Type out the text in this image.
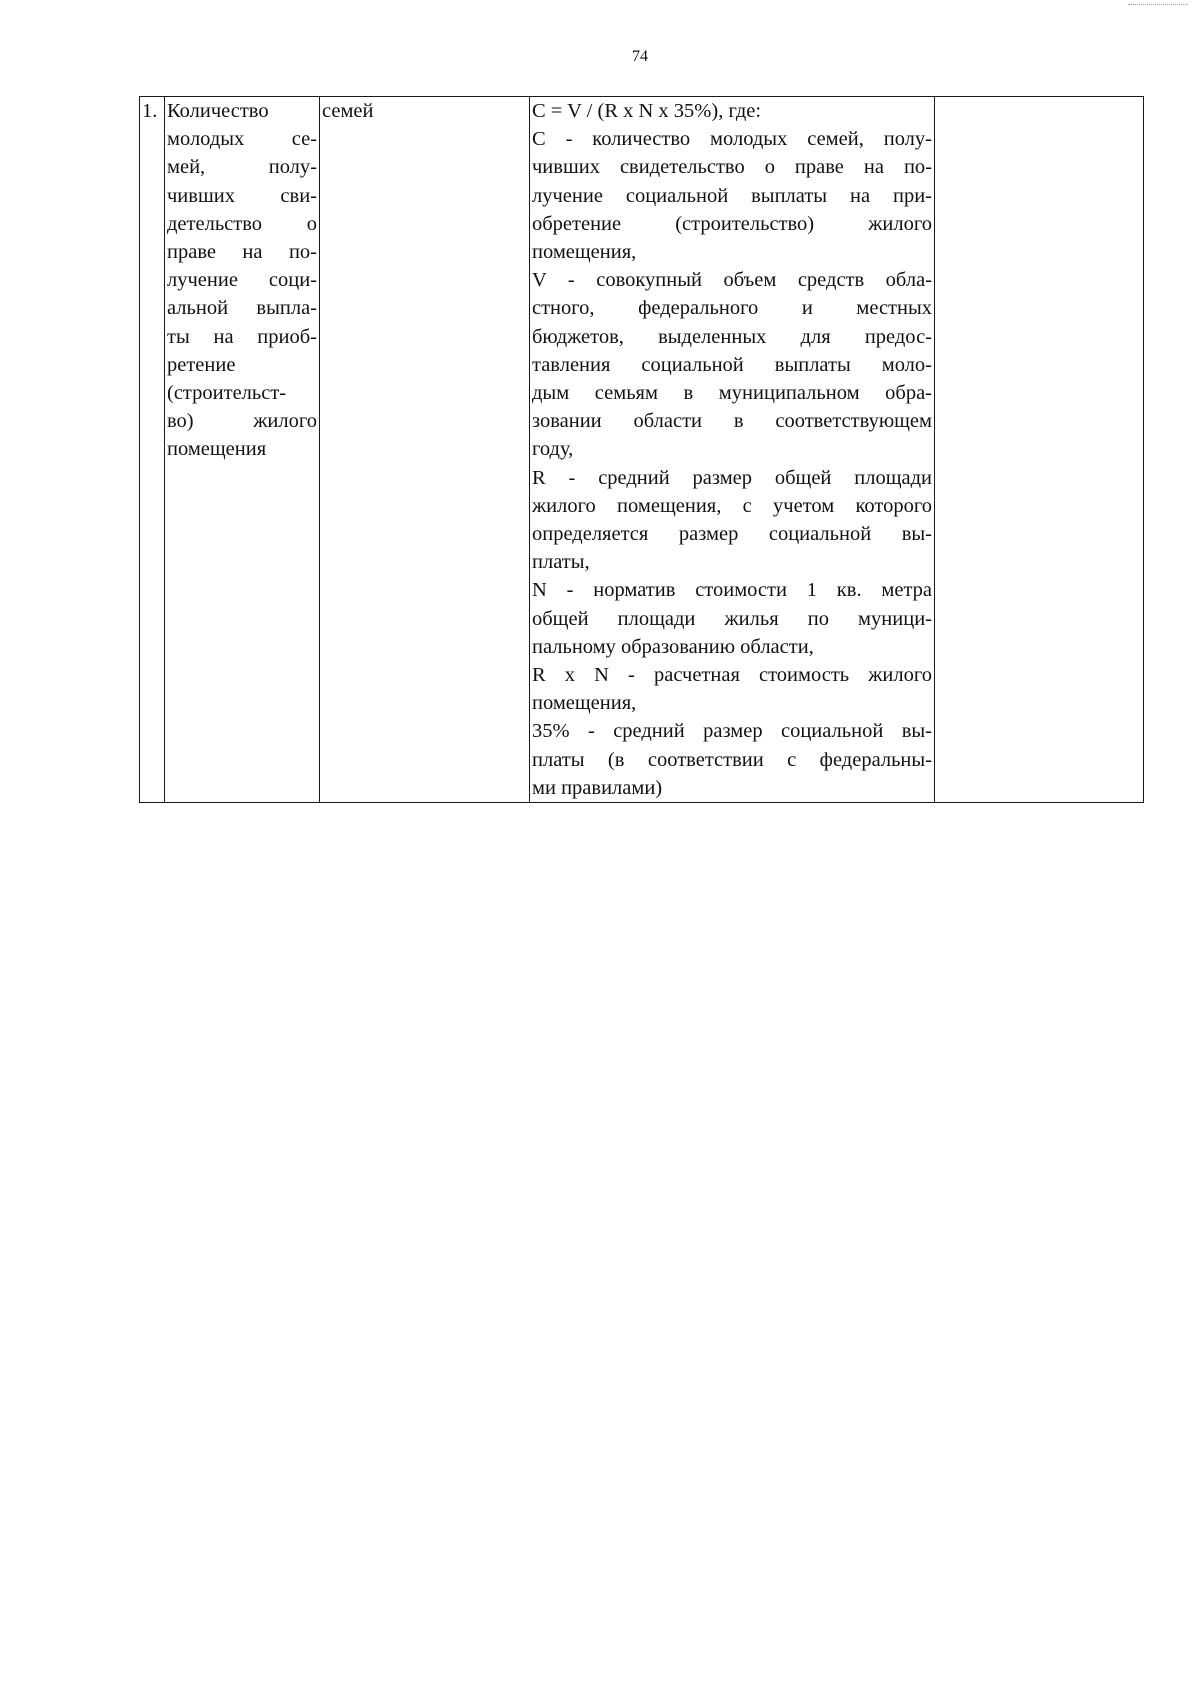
74
1.	Количество
молодых се-
мей, полу-
чивших сви-
детельство о
праве на по-
лучение соци-
альной выпла-
ты на приоб-
ретение
(строительст-
во) жилого
помещения
	семей	C = V / (R x N x 35%), где:
C - количество молодых семей, полу-
чивших свидетельство о праве на по-
лучение социальной выплаты на при-
обретение (строительство) жилого
помещения,
V - совокупный объем средств обла-
стного, федерального и местных
бюджетов, выделенных для предос-
тавления социальной выплаты моло-
дым семьям в муниципальном обра-
зовании области в соответствующем
году,
R - средний размер общей площади
жилого помещения, с учетом которого
определяется размер социальной вы-
платы,
N - норматив стоимости 1 кв. метра
общей площади жилья по муници-
пальному образованию области,
R x N - расчетная стоимость жилого
помещения,
35% - средний размер социальной вы-
платы (в соответствии с федеральны-
ми правилами)
